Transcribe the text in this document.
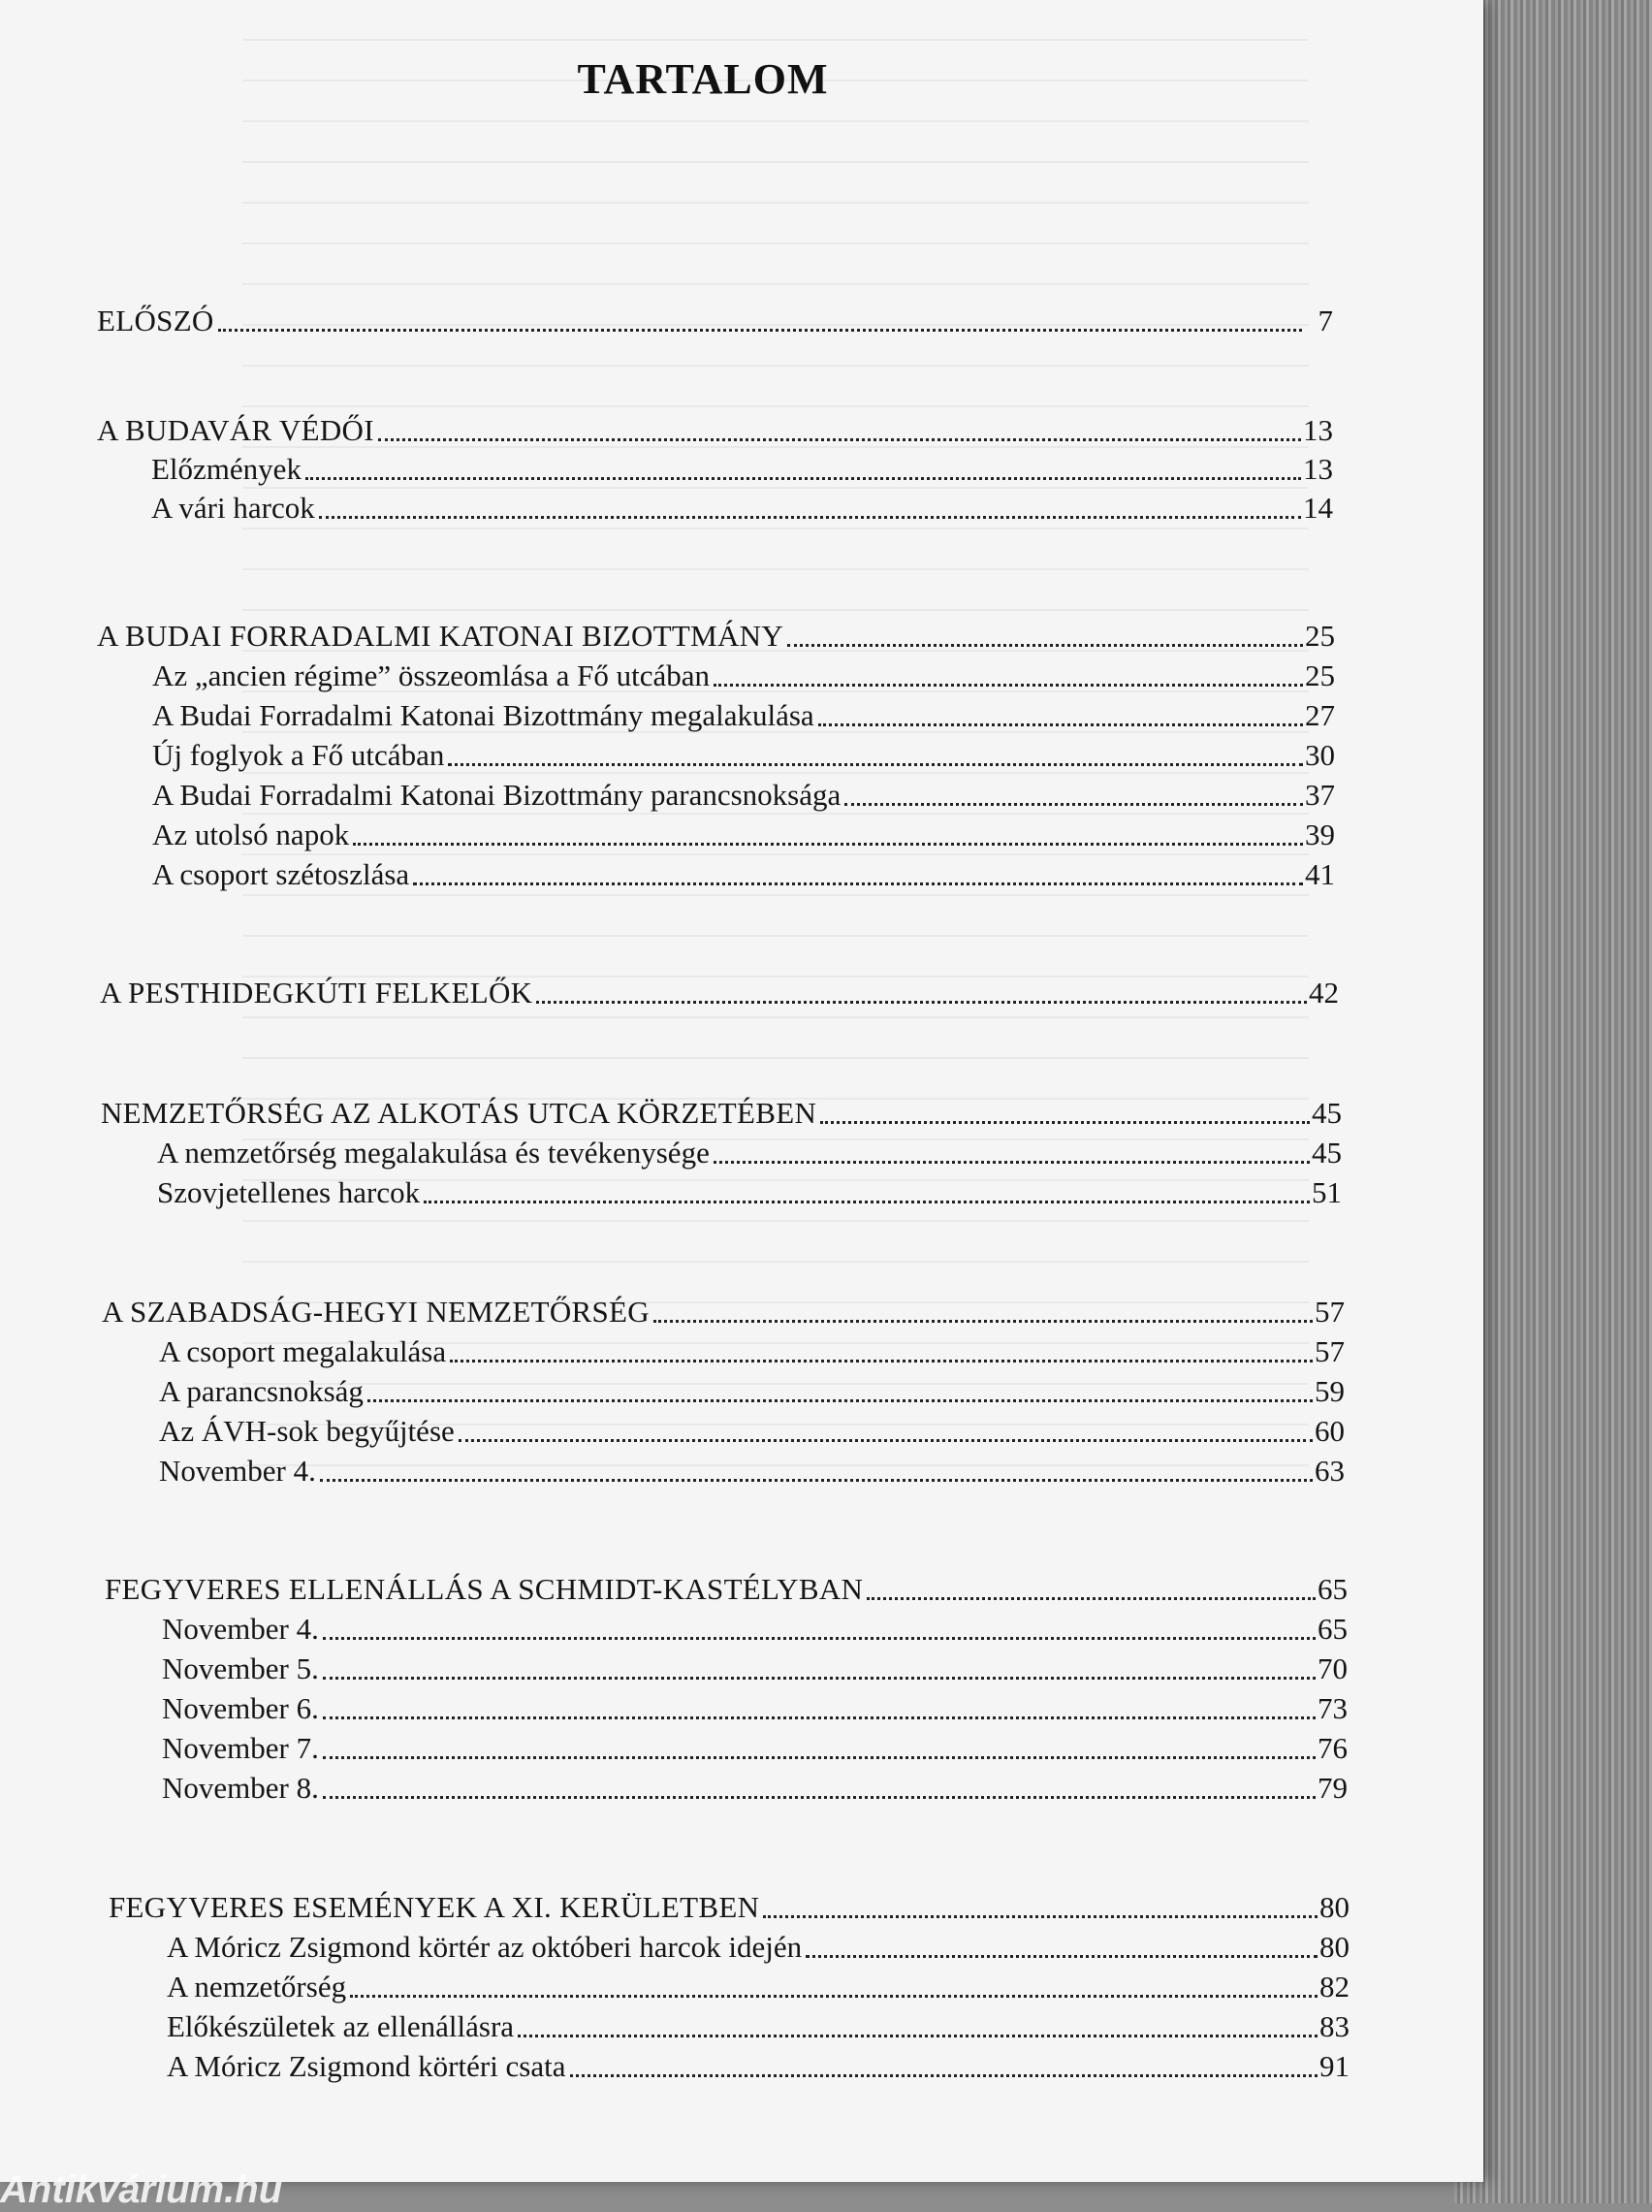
TARTALOM
ELŐSZÓ	7
A BUDAVÁR VÉDŐI	13
Előzmények	13
A vári harcok	14
A BUDAI FORRADALMI KATONAI BIZOTTMÁNY	25
Az „ancien régime” összeomlása a Fő utcában	25
A Budai Forradalmi Katonai Bizottmány megalakulása	27
Új foglyok a Fő utcában	30
A Budai Forradalmi Katonai Bizottmány parancsnoksága	37
Az utolsó napok	39
A csoport szétoszlása	41
A PESTHIDEGKÚTI FELKELŐK	42
NEMZETŐRSÉG AZ ALKOTÁS UTCA KÖRZETÉBEN	45
A nemzetőrség megalakulása és tevékenysége	45
Szovjetellenes harcok	51
A SZABADSÁG-HEGYI NEMZETŐRSÉG	57
A csoport megalakulása	57
A parancsnokság	59
Az ÁVH-sok begyűjtése	60
November 4.	63
FEGYVERES ELLENÁLLÁS A SCHMIDT-KASTÉLYBAN	65
November 4.	65
November 5.	70
November 6.	73
November 7.	76
November 8.	79
FEGYVERES ESEMÉNYEK A XI. KERÜLETBEN	80
A Móricz Zsigmond körtér az októberi harcok idején	80
A nemzetőrség	82
Előkészületek az ellenállásra	83
A Móricz Zsigmond körtéri csata	91
Antikvárium.hu
